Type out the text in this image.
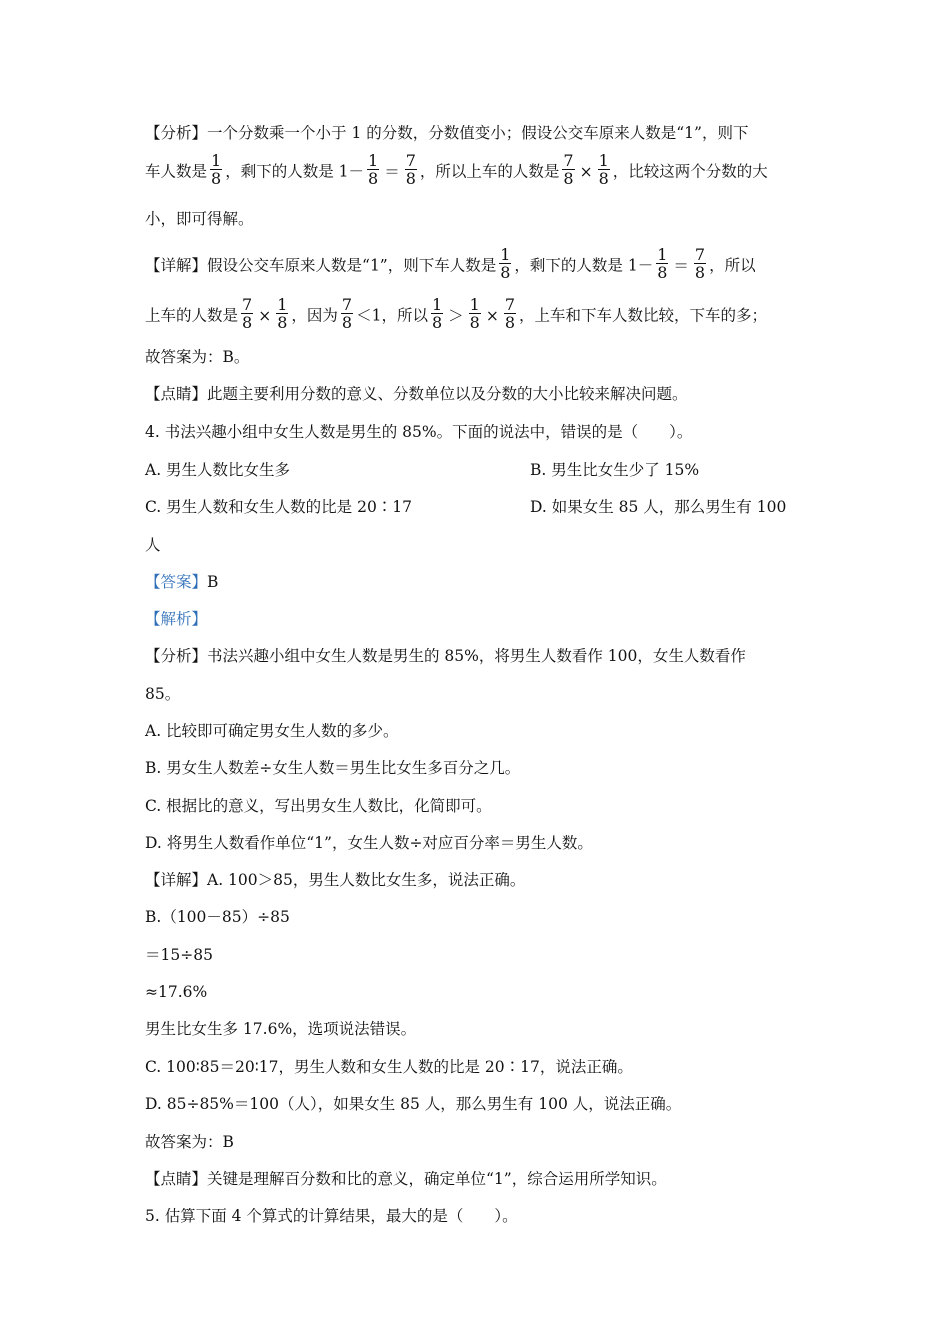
【分析】一个分数乘一个小于 1 的分数，分数值变小；假设公交车原来人数是“1”，则下
车人数是 $\frac{1}{8}$ ，剩下的人数是 $1- \frac{1}{8} = \frac{7}{8}$ ，所以上车的人数是 $\frac{7}{8} \times \frac{1}{8}$ ，比较这两个分数的大
小，即可得解。
【详解】假设公交车原来人数是“1”，则下车人数是 $\frac{1}{8}$ ，剩下的人数是 $1- \frac{1}{8} = \frac{7}{8}$ ，所以
上车的人数是 $\frac{7}{8} \times \frac{1}{8}$ ，因为 $\frac{7}{8} <1$，所以 $\frac{1}{8} > \frac{1}{8} \times \frac{7}{8}$ ，上车和下车人数比较，下车的多；
故答案为：B。
【点睛】此题主要利用分数的意义、分数单位以及分数的大小比较来解决问题。
4. 书法兴趣小组中女生人数是男生的 85%。下面的说法中，错误的是（　　）。
A. 男生人数比女生多	B. 男生比女生少了 15%
C. 男生人数和女生人数的比是 20∶17	D. 如果女生 85 人，那么男生有 100
人
【答案】B
【解析】
【分析】书法兴趣小组中女生人数是男生的 85%，将男生人数看作 100，女生人数看作
85。
A. 比较即可确定男女生人数的多少。
B. 男女生人数差÷女生人数＝男生比女生多百分之几。
C. 根据比的意义，写出男女生人数比，化简即可。
D. 将男生人数看作单位“1”，女生人数÷对应百分率＝男生人数。
【详解】A. 100＞85，男生人数比女生多，说法正确。
B.（100－85）÷85
＝15÷85
≈17.6%
男生比女生多 17.6%，选项说法错误。
C. 100∶85＝20∶17，男生人数和女生人数的比是 20∶17，说法正确。
D. 85÷85%＝100（人），如果女生 85 人，那么男生有 100 人，说法正确。
故答案为：B
【点睛】关键是理解百分数和比的意义，确定单位“1”，综合运用所学知识。
5. 估算下面 4 个算式的计算结果，最大的是（　　）。
